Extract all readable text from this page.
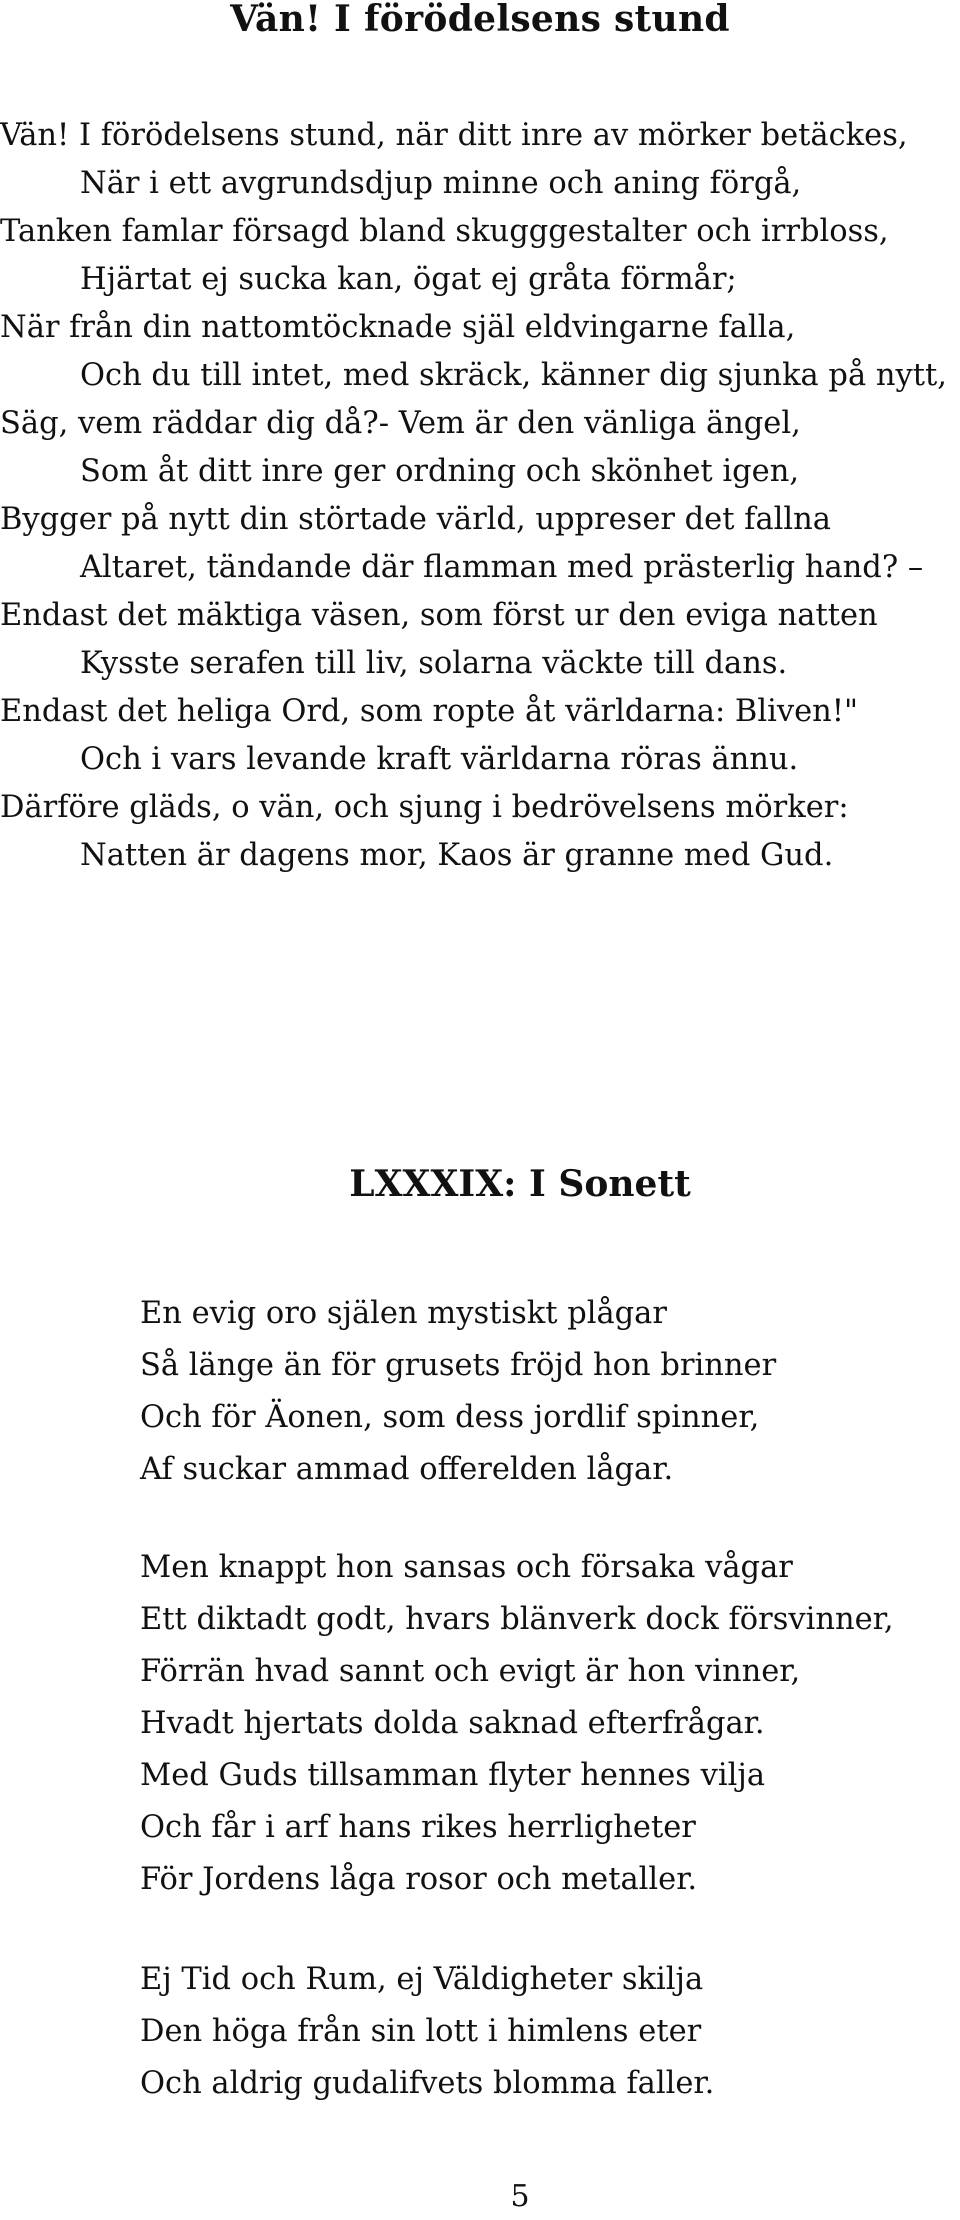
Vän! I förödelsens stund

Vän! I förödelsens stund, när ditt inre av mörker betäckes,

När i ett avgrundsdjup minne och aning förgå,

Tanken famlar försagd bland skugggestalter och irrbloss,

Hjärtat ej sucka kan, ögat ej gråta förmår;

När från din nattomtöcknade själ eldvingarne falla,

Och du till intet, med skräck, känner dig sjunka på nytt,

Säg, vem räddar dig då?- Vem är den vänliga ängel,

Som åt ditt inre ger ordning och skönhet igen,

Bygger på nytt din störtade värld, uppreser det fallna

Altaret, tändande där flamman med prästerlig hand? –

Endast det mäktiga väsen, som först ur den eviga natten

Kysste serafen till liv, solarna väckte till dans.

Endast det heliga Ord, som ropte åt världarna: Bliven!"

Och i vars levande kraft världarna röras ännu.

Därföre gläds, o vän, och sjung i bedrövelsens mörker:

Natten är dagens mor, Kaos är granne med Gud.

LXXXIX: I Sonett

En evig oro själen mystiskt plågar

Så länge än för grusets fröjd hon brinner

Och för Äonen, som dess jordlif spinner,

Af suckar ammad offerelden lågar.

Men knappt hon sansas och försaka vågar

Ett diktadt godt, hvars blänverk dock försvinner,

Förrän hvad sannt och evigt är hon vinner,

Hvadt hjertats dolda saknad efterfrågar.

Med Guds tillsamman flyter hennes vilja

Och får i arf hans rikes herrligheter

För Jordens låga rosor och metaller.

Ej Tid och Rum, ej Väldigheter skilja

Den höga från sin lott i himlens eter

Och aldrig gudalifvets blomma faller.

5
